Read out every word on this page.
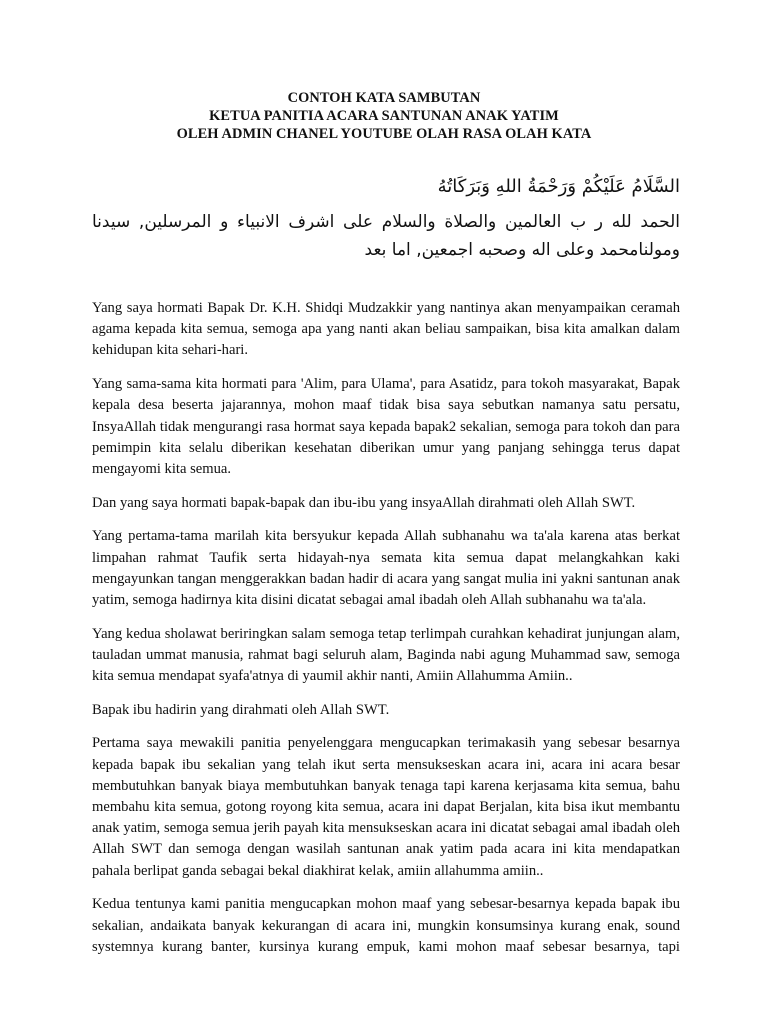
CONTOH KATA SAMBUTAN
KETUA PANITIA ACARA SANTUNAN ANAK YATIM
OLEH ADMIN CHANEL YOUTUBE OLAH RASA OLAH KATA
السَّلَامُ عَلَيْكُمْ وَرَحْمَةُ اللهِ وَبَرَكَاتُهُ
الحمد لله ر ب العالمين والصلاة والسلام على اشرف الانبياء و المرسلين, سيدنا ومولنامحمد وعلى اله وصحبه اجمعين, اما بعد

Yang saya hormati Bapak Dr. K.H. Shidqi Mudzakkir yang nantinya akan menyampaikan ceramah agama kepada kita semua, semoga apa yang nanti akan beliau sampaikan, bisa kita amalkan dalam kehidupan kita sehari-hari.

Yang sama-sama kita hormati para 'Alim, para Ulama', para Asatidz, para tokoh masyarakat, Bapak kepala desa beserta jajarannya, mohon maaf tidak bisa saya sebutkan namanya satu persatu, InsyaAllah tidak mengurangi rasa hormat saya kepada bapak2 sekalian, semoga para tokoh dan para pemimpin kita selalu diberikan kesehatan diberikan umur yang panjang sehingga terus dapat mengayomi kita semua.

Dan yang saya hormati bapak-bapak dan ibu-ibu yang insyaAllah dirahmati oleh Allah SWT.

Yang pertama-tama marilah kita bersyukur kepada Allah subhanahu wa ta'ala karena atas berkat limpahan rahmat Taufik serta hidayah-nya semata kita semua dapat melangkahkan kaki mengayunkan tangan menggerakkan badan hadir di acara yang sangat mulia ini yakni santunan anak yatim, semoga hadirnya kita disini dicatat sebagai amal ibadah oleh Allah subhanahu wa ta'ala.

Yang kedua sholawat beriringkan salam semoga tetap terlimpah curahkan kehadirat junjungan alam, tauladan ummat manusia, rahmat bagi seluruh alam, Baginda nabi agung Muhammad saw, semoga kita semua mendapat syafa'atnya di yaumil akhir nanti, Amiin Allahumma Amiin..

Bapak ibu hadirin yang dirahmati oleh Allah SWT.

Pertama saya mewakili panitia penyelenggara mengucapkan terimakasih yang sebesar besarnya kepada bapak ibu sekalian yang telah ikut serta mensukseskan acara ini, acara ini acara besar membutuhkan banyak biaya membutuhkan banyak tenaga tapi karena kerjasama kita semua, bahu membahu kita semua, gotong royong kita semua, acara ini dapat Berjalan, kita bisa ikut membantu anak yatim, semoga semua jerih payah kita mensukseskan acara ini dicatat sebagai amal ibadah oleh Allah SWT dan semoga dengan wasilah santunan anak yatim pada acara ini kita mendapatkan pahala berlipat ganda sebagai bekal diakhirat kelak, amiin allahumma amiin..

Kedua tentunya kami panitia mengucapkan mohon maaf yang sebesar-besarnya kepada bapak ibu sekalian, andaikata banyak kekurangan di acara ini, mungkin konsumsinya kurang enak, sound systemnya kurang banter, kursinya kurang empuk, kami mohon maaf sebesar besarnya, tapi
